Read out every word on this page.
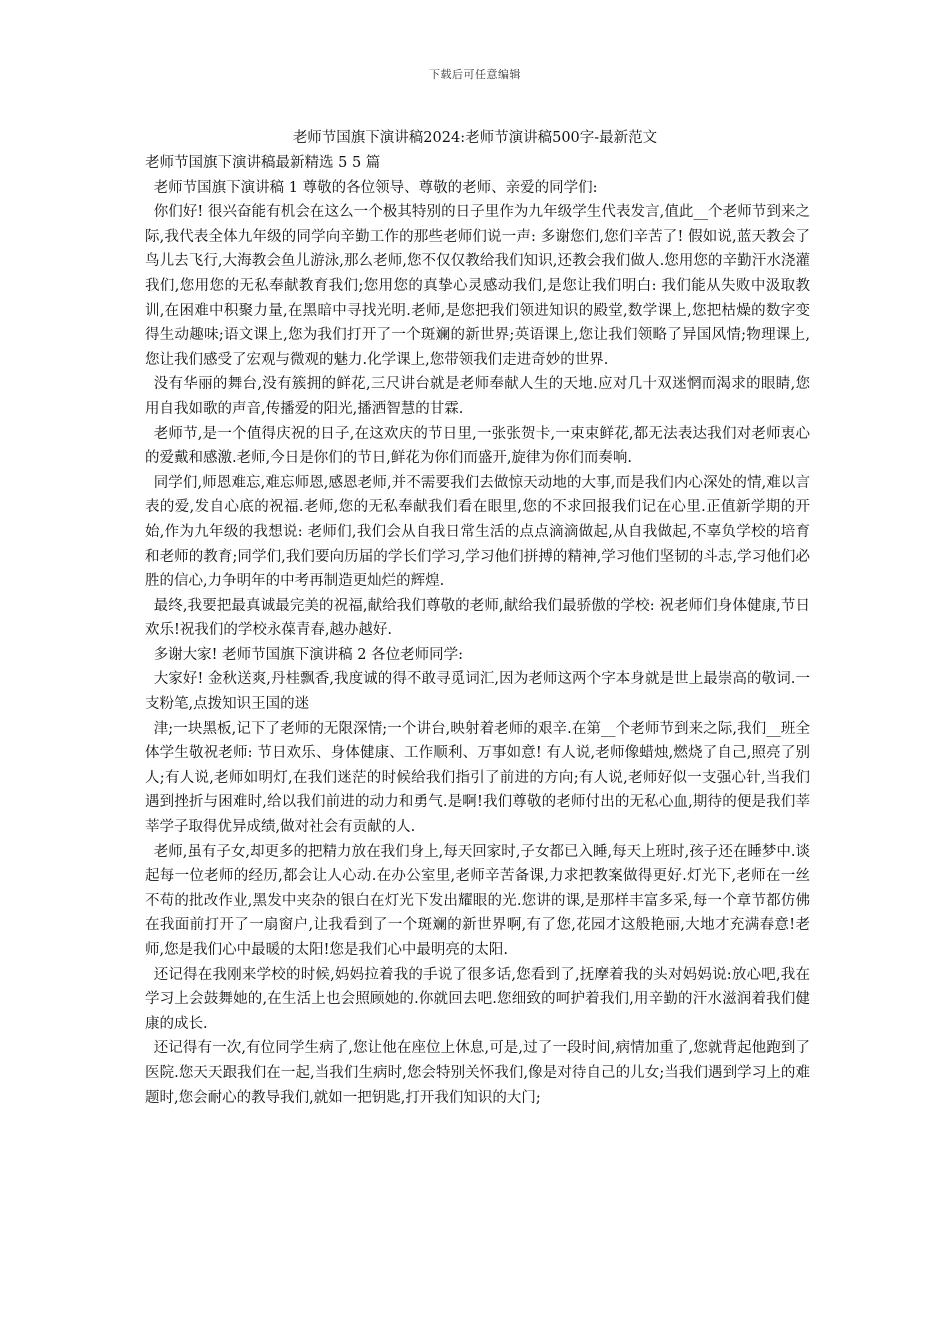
下载后可任意编辑
老师节国旗下演讲稿2024:老师节演讲稿500字-最新范文

老师节国旗下演讲稿最新精选 5 5 篇

老师节国旗下演讲稿 1 尊敬的各位领导、尊敬的老师、亲爱的同学们:

你们好! 很兴奋能有机会在这么一个极其特别的日子里作为九年级学生代表发言,值此__个老师节到来之际,我代表全体九年级的同学向辛勤工作的那些老师们说一声: 多谢您们,您们辛苦了! 假如说,蓝天教会了鸟儿去飞行,大海教会鱼儿游泳,那么老师,您不仅仅教给我们知识,还教会我们做人.您用您的辛勤汗水浇灌我们,您用您的无私奉献教育我们;您用您的真挚心灵感动我们,是您让我们明白: 我们能从失败中汲取教训,在困难中积聚力量,在黑暗中寻找光明.老师,是您把我们领进知识的殿堂,数学课上,您把枯燥的数字变得生动趣味;语文课上,您为我们打开了一个斑斓的新世界;英语课上,您让我们领略了异国风情;物理课上,您让我们感受了宏观与微观的魅力.化学课上,您带领我们走进奇妙的世界.

没有华丽的舞台,没有簇拥的鲜花,三尺讲台就是老师奉献人生的天地.应对几十双迷惘而渴求的眼睛,您用自我如歌的声音,传播爱的阳光,播洒智慧的甘霖.

老师节,是一个值得庆祝的日子,在这欢庆的节日里,一张张贺卡,一束束鲜花,都无法表达我们对老师衷心的爱戴和感激.老师,今日是你们的节日,鲜花为你们而盛开,旋律为你们而奏响.

同学们,师恩难忘,难忘师恩,感恩老师,并不需要我们去做惊天动地的大事,而是我们内心深处的情,难以言表的爱,发自心底的祝福.老师,您的无私奉献我们看在眼里,您的不求回报我们记在心里.正值新学期的开始,作为九年级的我想说: 老师们,我们会从自我日常生活的点点滴滴做起,从自我做起,不辜负学校的培育和老师的教育;同学们,我们要向历届的学长们学习,学习他们拼搏的精神,学习他们坚韧的斗志,学习他们必胜的信心,力争明年的中考再制造更灿烂的辉煌.

最终,我要把最真诚最完美的祝福,献给我们尊敬的老师,献给我们最骄傲的学校: 祝老师们身体健康,节日欢乐!祝我们的学校永葆青春,越办越好.

多谢大家! 老师节国旗下演讲稿 2 各位老师同学:

大家好! 金秋送爽,丹桂飘香,我度诚的得不敢寻觅词汇,因为老师这两个字本身就是世上最崇高的敬词.一支粉笔,点拨知识王国的迷

津;一块黑板,记下了老师的无限深情;一个讲台,映射着老师的艰辛.在第__个老师节到来之际,我们__班全体学生敬祝老师: 节日欢乐、身体健康、工作顺利、万事如意! 有人说,老师像蜡烛,燃烧了自己,照亮了别人;有人说,老师如明灯,在我们迷茫的时候给我们指引了前进的方向;有人说,老师好似一支强心针,当我们遇到挫折与困难时,给以我们前进的动力和勇气.是啊!我们尊敬的老师付出的无私心血,期待的便是我们莘莘学子取得优异成绩,做对社会有贡献的人.

老师,虽有子女,却更多的把精力放在我们身上,每天回家时,子女都已入睡,每天上班时,孩子还在睡梦中.谈起每一位老师的经历,都会让人心动.在办公室里,老师辛苦备课,力求把教案做得更好.灯光下,老师在一丝不苟的批改作业,黑发中夹杂的银白在灯光下发出耀眼的光.您讲的课,是那样丰富多采,每一个章节都仿佛在我面前打开了一扇窗户,让我看到了一个斑斓的新世界啊,有了您,花园才这般艳丽,大地才充满春意!老师,您是我们心中最暖的太阳!您是我们心中最明亮的太阳.

还记得在我刚来学校的时候,妈妈拉着我的手说了很多话,您看到了,抚摩着我的头对妈妈说:放心吧,我在学习上会鼓舞她的,在生活上也会照顾她的.你就回去吧.您细致的呵护着我们,用辛勤的汗水滋润着我们健康的成长.

还记得有一次,有位同学生病了,您让他在座位上休息,可是,过了一段时间,病情加重了,您就背起他跑到了医院.您天天跟我们在一起,当我们生病时,您会特别关怀我们,像是对待自己的儿女;当我们遇到学习上的难题时,您会耐心的教导我们,就如一把钥匙,打开我们知识的大门;
